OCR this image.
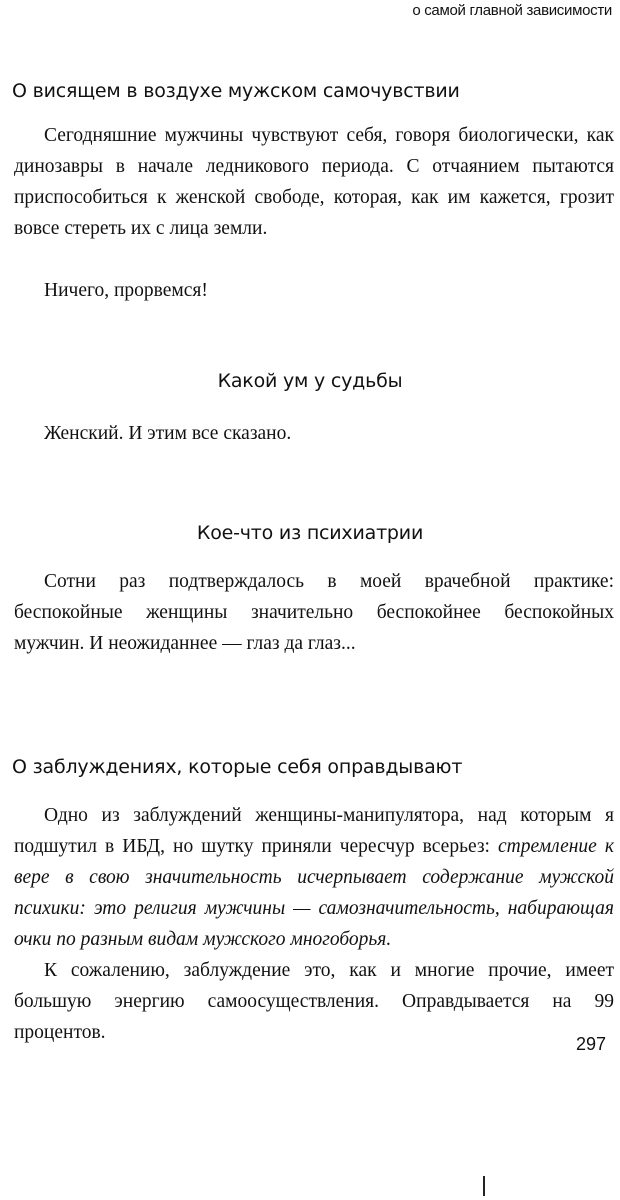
о самой главной зависимости
О висящем в воздухе мужском самочувствии

Сегодняшние мужчины чувствуют себя, говоря биологически, как динозавры в начале ледникового периода. С отчаянием пытаются приспособиться к женской свободе, которая, как им кажется, грозит вовсе стереть их с лица земли.

Ничего, прорвемся!

Какой ум у судьбы

Женский. И этим все сказано.

Кое-что из психиатрии

Сотни раз подтверждалось в моей врачебной практике: беспокойные женщины значительно беспокойнее беспокойных мужчин. И неожиданнее — глаз да глаз...

О заблуждениях, которые себя оправдывают

Одно из заблуждений женщины-манипулятора, над которым я подшутил в ИБД, но шутку приняли чересчур всерьез: стремление к вере в свою значительность исчерпывает содержание мужской психики: это религия мужчины — самозначительность, набирающая очки по разным видам мужского многоборья.

К сожалению, заблуждение это, как и многие прочие, имеет большую энергию самоосуществления. Оправдывается на 99 процентов.

297
